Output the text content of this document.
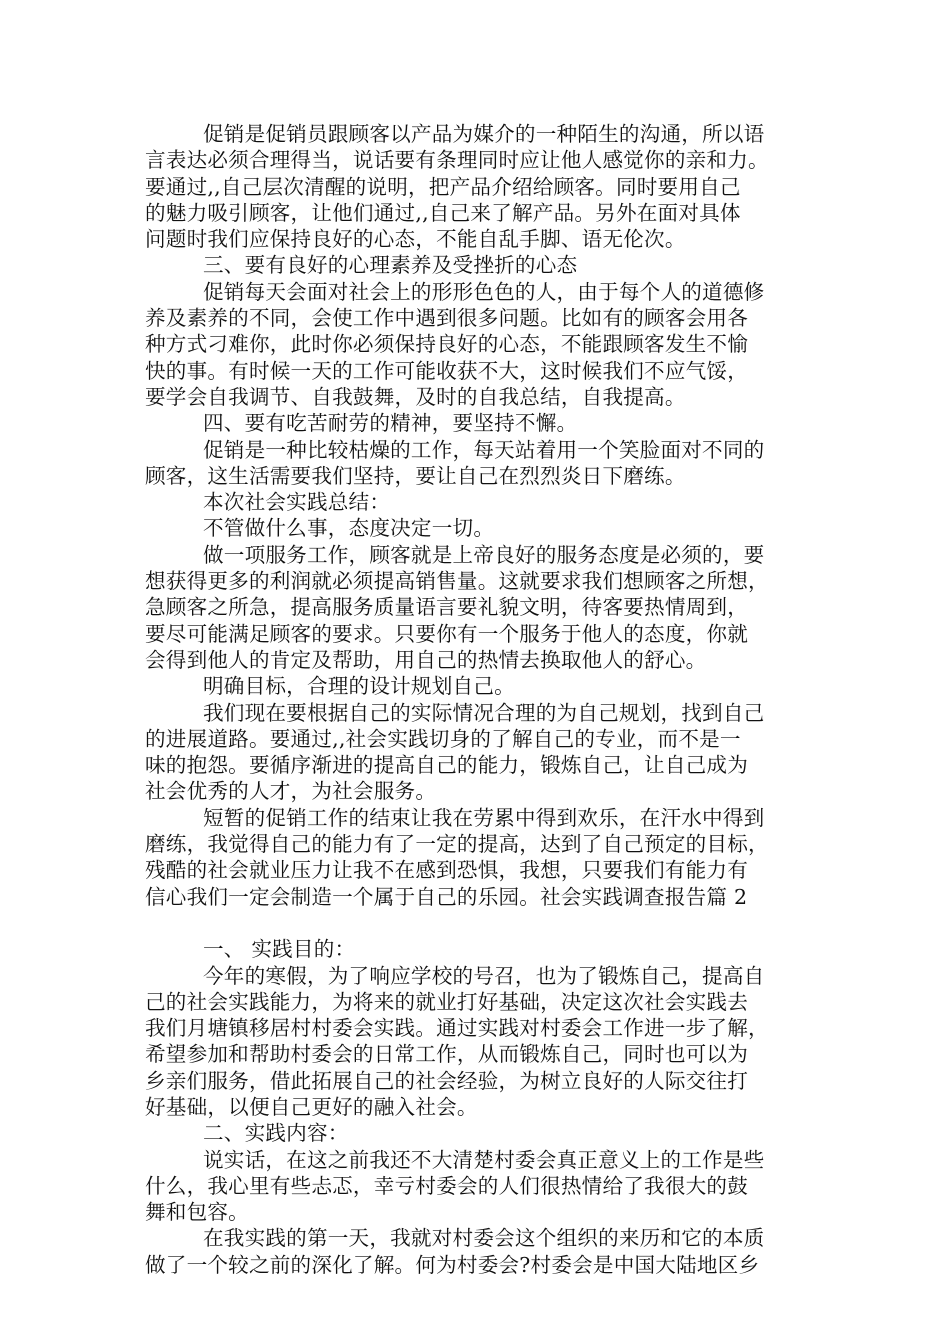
促销是促销员跟顾客以产品为媒介的一种陌生的沟通，所以语
言表达必须合理得当，说话要有条理同时应让他人感觉你的亲和力。
要通过,,自己层次清醒的说明，把产品介绍给顾客。同时要用自己
的魅力吸引顾客，让他们通过,,自己来了解产品。另外在面对具体
问题时我们应保持良好的心态，不能自乱手脚、语无伦次。
三、要有良好的心理素养及受挫折的心态
促销每天会面对社会上的形形色色的人，由于每个人的道德修
养及素养的不同，会使工作中遇到很多问题。比如有的顾客会用各
种方式刁难你，此时你必须保持良好的心态，不能跟顾客发生不愉
快的事。有时候一天的工作可能收获不大，这时候我们不应气馁，
要学会自我调节、自我鼓舞，及时的自我总结，自我提高。
四、要有吃苦耐劳的精神，要坚持不懈。
促销是一种比较枯燥的工作，每天站着用一个笑脸面对不同的
顾客，这生活需要我们坚持，要让自己在烈烈炎日下磨练。
本次社会实践总结：
不管做什么事，态度决定一切。
做一项服务工作，顾客就是上帝良好的服务态度是必须的，要
想获得更多的利润就必须提高销售量。这就要求我们想顾客之所想，
急顾客之所急，提高服务质量语言要礼貌文明，待客要热情周到，
要尽可能满足顾客的要求。只要你有一个服务于他人的态度，你就
会得到他人的肯定及帮助，用自己的热情去换取他人的舒心。
明确目标，合理的设计规划自己。
我们现在要根据自己的实际情况合理的为自己规划，找到自己
的进展道路。要通过,,社会实践切身的了解自己的专业，而不是一
味的抱怨。要循序渐进的提高自己的能力，锻炼自己，让自己成为
社会优秀的人才，为社会服务。
短暂的促销工作的结束让我在劳累中得到欢乐，在汗水中得到
磨练，我觉得自己的能力有了一定的提高，达到了自己预定的目标，
残酷的社会就业压力让我不在感到恐惧，我想，只要我们有能力有
信心我们一定会制造一个属于自己的乐园。社会实践调查报告篇 2
一、 实践目的：
今年的寒假，为了响应学校的号召，也为了锻炼自己，提高自
己的社会实践能力，为将来的就业打好基础，决定这次社会实践去
我们月塘镇移居村村委会实践。通过实践对村委会工作进一步了解，
希望参加和帮助村委会的日常工作，从而锻炼自己，同时也可以为
乡亲们服务，借此拓展自己的社会经验，为树立良好的人际交往打
好基础，以便自己更好的融入社会。
二、实践内容：
说实话，在这之前我还不大清楚村委会真正意义上的工作是些
什么，我心里有些忐忑，幸亏村委会的人们很热情给了我很大的鼓
舞和包容。
在我实践的第一天，我就对村委会这个组织的来历和它的本质
做了一个较之前的深化了解。何为村委会?村委会是中国大陆地区乡
